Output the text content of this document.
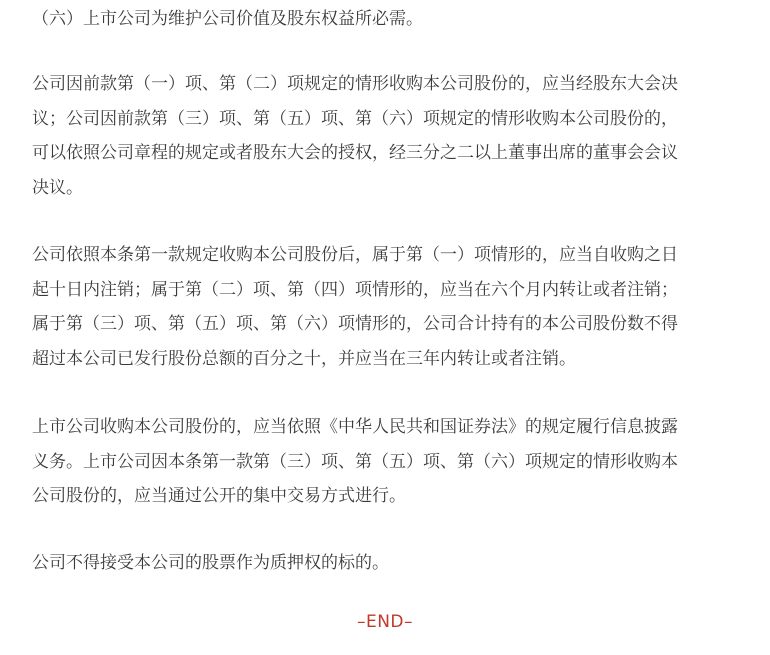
（六）上市公司为维护公司价值及股东权益所必需。
公司因前款第（一）项、第（二）项规定的情形收购本公司股份的，应当经股东大会决
议；公司因前款第（三）项、第（五）项、第（六）项规定的情形收购本公司股份的，
可以依照公司章程的规定或者股东大会的授权，经三分之二以上董事出席的董事会会议
决议。
公司依照本条第一款规定收购本公司股份后，属于第（一）项情形的，应当自收购之日
起十日内注销；属于第（二）项、第（四）项情形的，应当在六个月内转让或者注销；
属于第（三）项、第（五）项、第（六）项情形的，公司合计持有的本公司股份数不得
超过本公司已发行股份总额的百分之十，并应当在三年内转让或者注销。
上市公司收购本公司股份的，应当依照《中华人民共和国证券法》的规定履行信息披露
义务。上市公司因本条第一款第（三）项、第（五）项、第（六）项规定的情形收购本
公司股份的，应当通过公开的集中交易方式进行。
公司不得接受本公司的股票作为质押权的标的。
–END–
